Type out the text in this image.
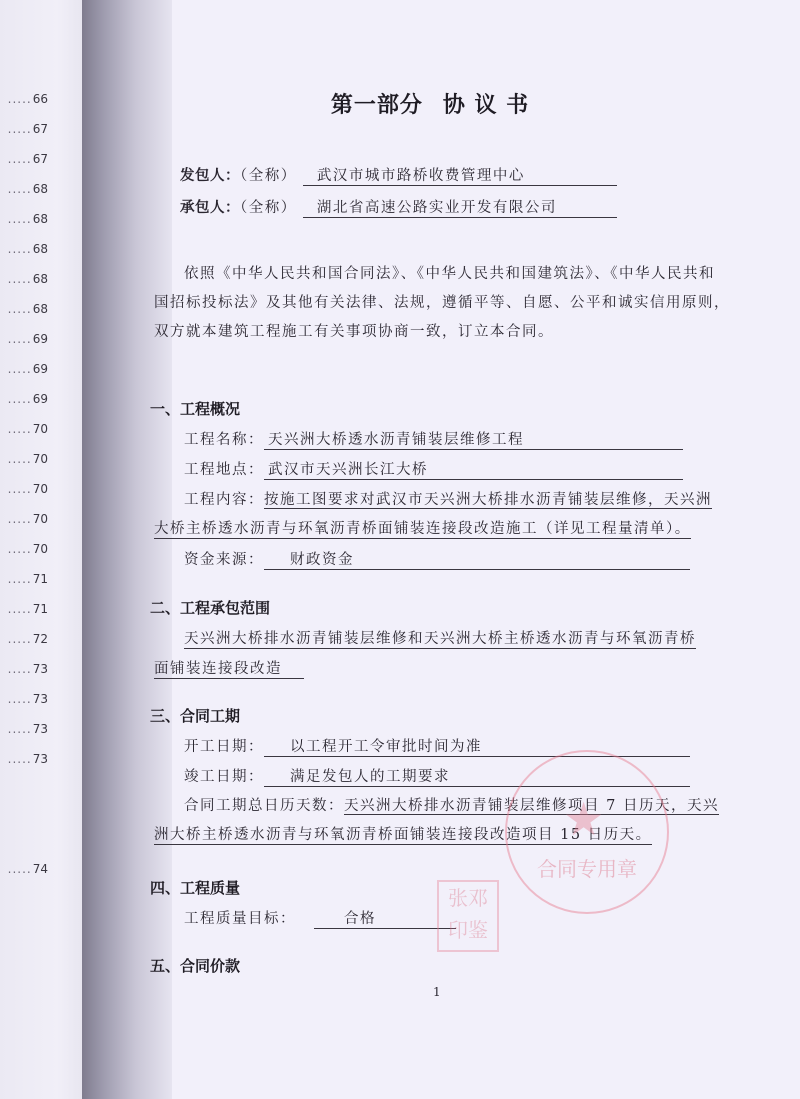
.....66
.....67
.....67
.....68
.....68
.....68
.....68
.....68
.....69
.....69
.....69
.....70
.....70
.....70
.....70
.....70
.....71
.....71
.....72
.....73
.....73
.....73
.....73
.....74
第一部分 协 议 书
发包人：（全称） 武汉市城市路桥收费管理中心
承包人：（全称） 湖北省高速公路实业开发有限公司
依照《中华人民共和国合同法》、《中华人民共和国建筑法》、《中华人民共和
国招标投标法》及其他有关法律、法规，遵循平等、自愿、公平和诚实信用原则，
双方就本建筑工程施工有关事项协商一致，订立本合同。
一、工程概况
工程名称： 天兴洲大桥透水沥青铺装层维修工程
工程地点： 武汉市天兴洲长江大桥
工程内容：按施工图要求对武汉市天兴洲大桥排水沥青铺装层维修，天兴洲
大桥主桥透水沥青与环氧沥青桥面铺装连接段改造施工（详见工程量清单）。
资金来源： 财政资金
二、工程承包范围
天兴洲大桥排水沥青铺装层维修和天兴洲大桥主桥透水沥青与环氧沥青桥
面铺装连接段改造
三、合同工期
开工日期： 以工程开工令审批时间为准
竣工日期： 满足发包人的工期要求
合同工期总日历天数：天兴洲大桥排水沥青铺装层维修项目 7 日历天，天兴
洲大桥主桥透水沥青与环氧沥青桥面铺装连接段改造项目 15 日历天。
四、工程质量
工程质量目标：	合格
五、合同价款
1
★
合同专用章
张邓印鉴
